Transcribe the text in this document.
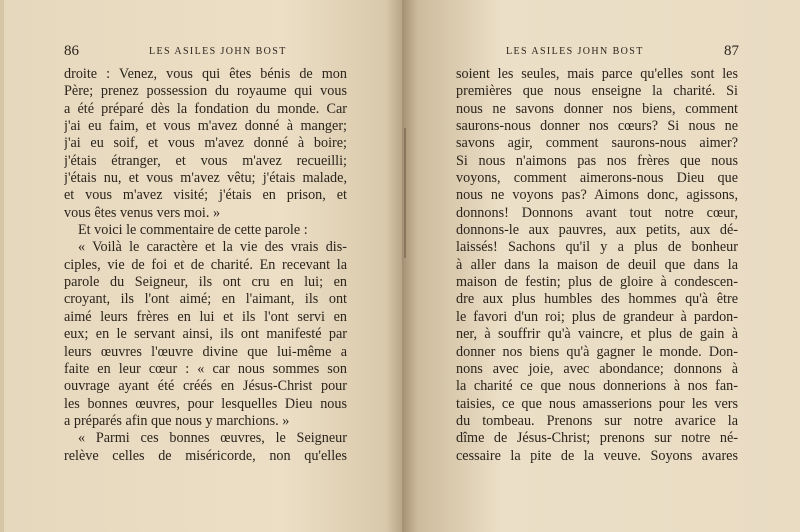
86	LES ASILES JOHN BOST
droite : Venez, vous qui êtes bénis de mon
Père; prenez possession du royaume qui vous
a été préparé dès la fondation du monde. Car
j'ai eu faim, et vous m'avez donné à manger;
j'ai eu soif, et vous m'avez donné à boire;
j'étais étranger, et vous m'avez recueilli;
j'étais nu, et vous m'avez vêtu; j'étais malade,
et vous m'avez visité; j'étais en prison, et
vous êtes venus vers moi. »
Et voici le commentaire de cette parole :
« Voilà le caractère et la vie des vrais dis-
ciples, vie de foi et de charité. En recevant la
parole du Seigneur, ils ont cru en lui; en
croyant, ils l'ont aimé; en l'aimant, ils ont
aimé leurs frères en lui et ils l'ont servi en
eux; en le servant ainsi, ils ont manifesté par
leurs œuvres l'œuvre divine que lui-même a
faite en leur cœur : « car nous sommes son
ouvrage ayant été créés en Jésus-Christ pour
les bonnes œuvres, pour lesquelles Dieu nous
a préparés afin que nous y marchions. »
« Parmi ces bonnes œuvres, le Seigneur
relève celles de miséricorde, non qu'elles
LES ASILES JOHN BOST	87
soient les seules, mais parce qu'elles sont les
premières que nous enseigne la charité. Si
nous ne savons donner nos biens, comment
saurons-nous donner nos cœurs? Si nous ne
savons agir, comment saurons-nous aimer?
Si nous n'aimons pas nos frères que nous
voyons, comment aimerons-nous Dieu que
nous ne voyons pas? Aimons donc, agissons,
donnons! Donnons avant tout notre cœur,
donnons-le aux pauvres, aux petits, aux dé-
laissés! Sachons qu'il y a plus de bonheur
à aller dans la maison de deuil que dans la
maison de festin; plus de gloire à condescen-
dre aux plus humbles des hommes qu'à être
le favori d'un roi; plus de grandeur à pardon-
ner, à souffrir qu'à vaincre, et plus de gain à
donner nos biens qu'à gagner le monde. Don-
nons avec joie, avec abondance; donnons à
la charité ce que nous donnerions à nos fan-
taisies, ce que nous amasserions pour les vers
du tombeau. Prenons sur notre avarice la
dîme de Jésus-Christ; prenons sur notre né-
cessaire la pite de la veuve. Soyons avares
